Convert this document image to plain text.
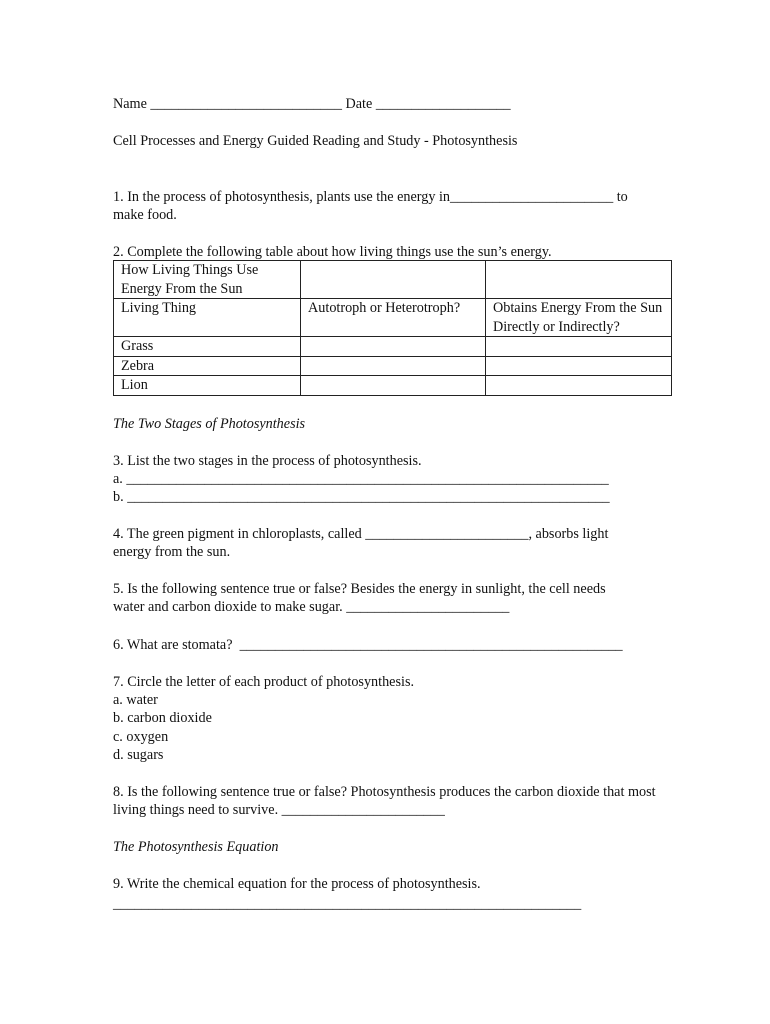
Name ___________________________ Date ___________________
Cell Processes and Energy Guided Reading and Study - Photosynthesis
1. In the process of photosynthesis, plants use the energy in_______________________ to
make food.
2. Complete the following table about how living things use the sun’s energy.
How Living Things Use
Energy From the Sun		

Living Thing	Autotroph or Heterotroph?	Obtains Energy From the Sun
Directly or Indirectly?

Grass		
Zebra		
Lion		
The Two Stages of Photosynthesis
3. List the two stages in the process of photosynthesis.
a. ____________________________________________________________________
b. ____________________________________________________________________
4. The green pigment in chloroplasts, called _______________________, absorbs light
energy from the sun.
5. Is the following sentence true or false? Besides the energy in sunlight, the cell needs
water and carbon dioxide to make sugar. _______________________
6. What are stomata?  ______________________________________________________
7. Circle the letter of each product of photosynthesis.
a. water
b. carbon dioxide
c. oxygen
d. sugars
8. Is the following sentence true or false? Photosynthesis produces the carbon dioxide that most
living things need to survive. _______________________
The Photosynthesis Equation
9. Write the chemical equation for the process of photosynthesis.
__________________________________________________________________
